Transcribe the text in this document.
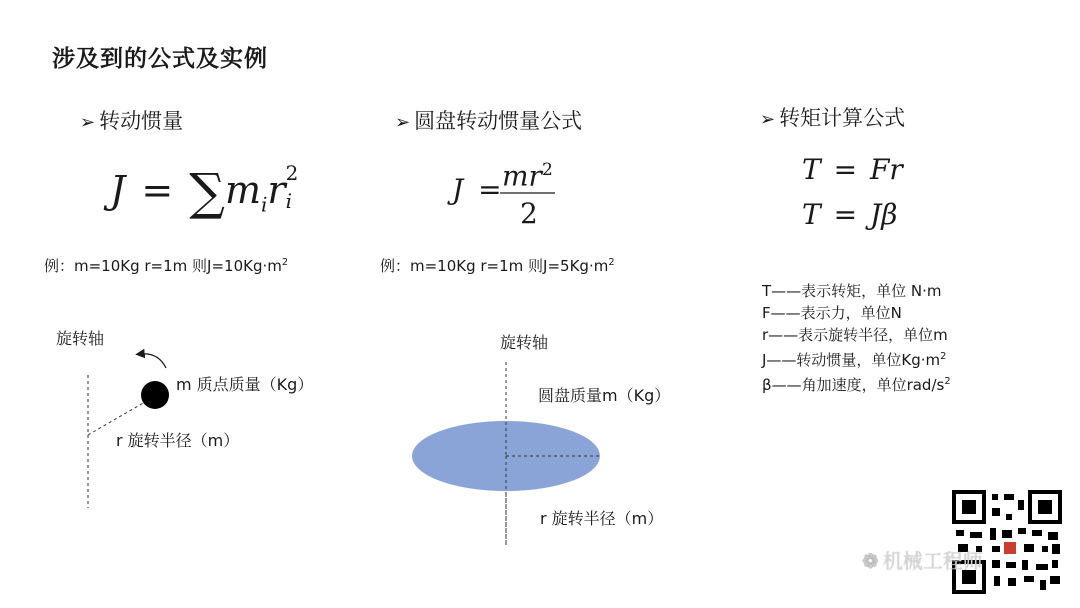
涉及到的公式及实例
➢ 转动惯量
$J = \sum m_ir$ 2
i
例：m=10Kg r=1m 则$J=10Kg\cdot m^2$
旋转轴
m 质点质量（Kg）
r 旋转半径（m）
➢ 圆盘转动惯量公式
$J = mr^2$
2
例：m=10Kg r=1m 则$J=5Kg\cdot m^2$
旋转轴
圆盘质量m（Kg）
r 旋转半径（m）
➢ 转矩计算公式
T = Fr
T = Jβ
T——表示转矩，单位 N·m
F——表示力，单位N
r——表示旋转半径，单位m
J——转动惯量，单位$Kg\cdot m^2$
β——角加速度，单位rad/$s^2$
❁ 机械工程师
